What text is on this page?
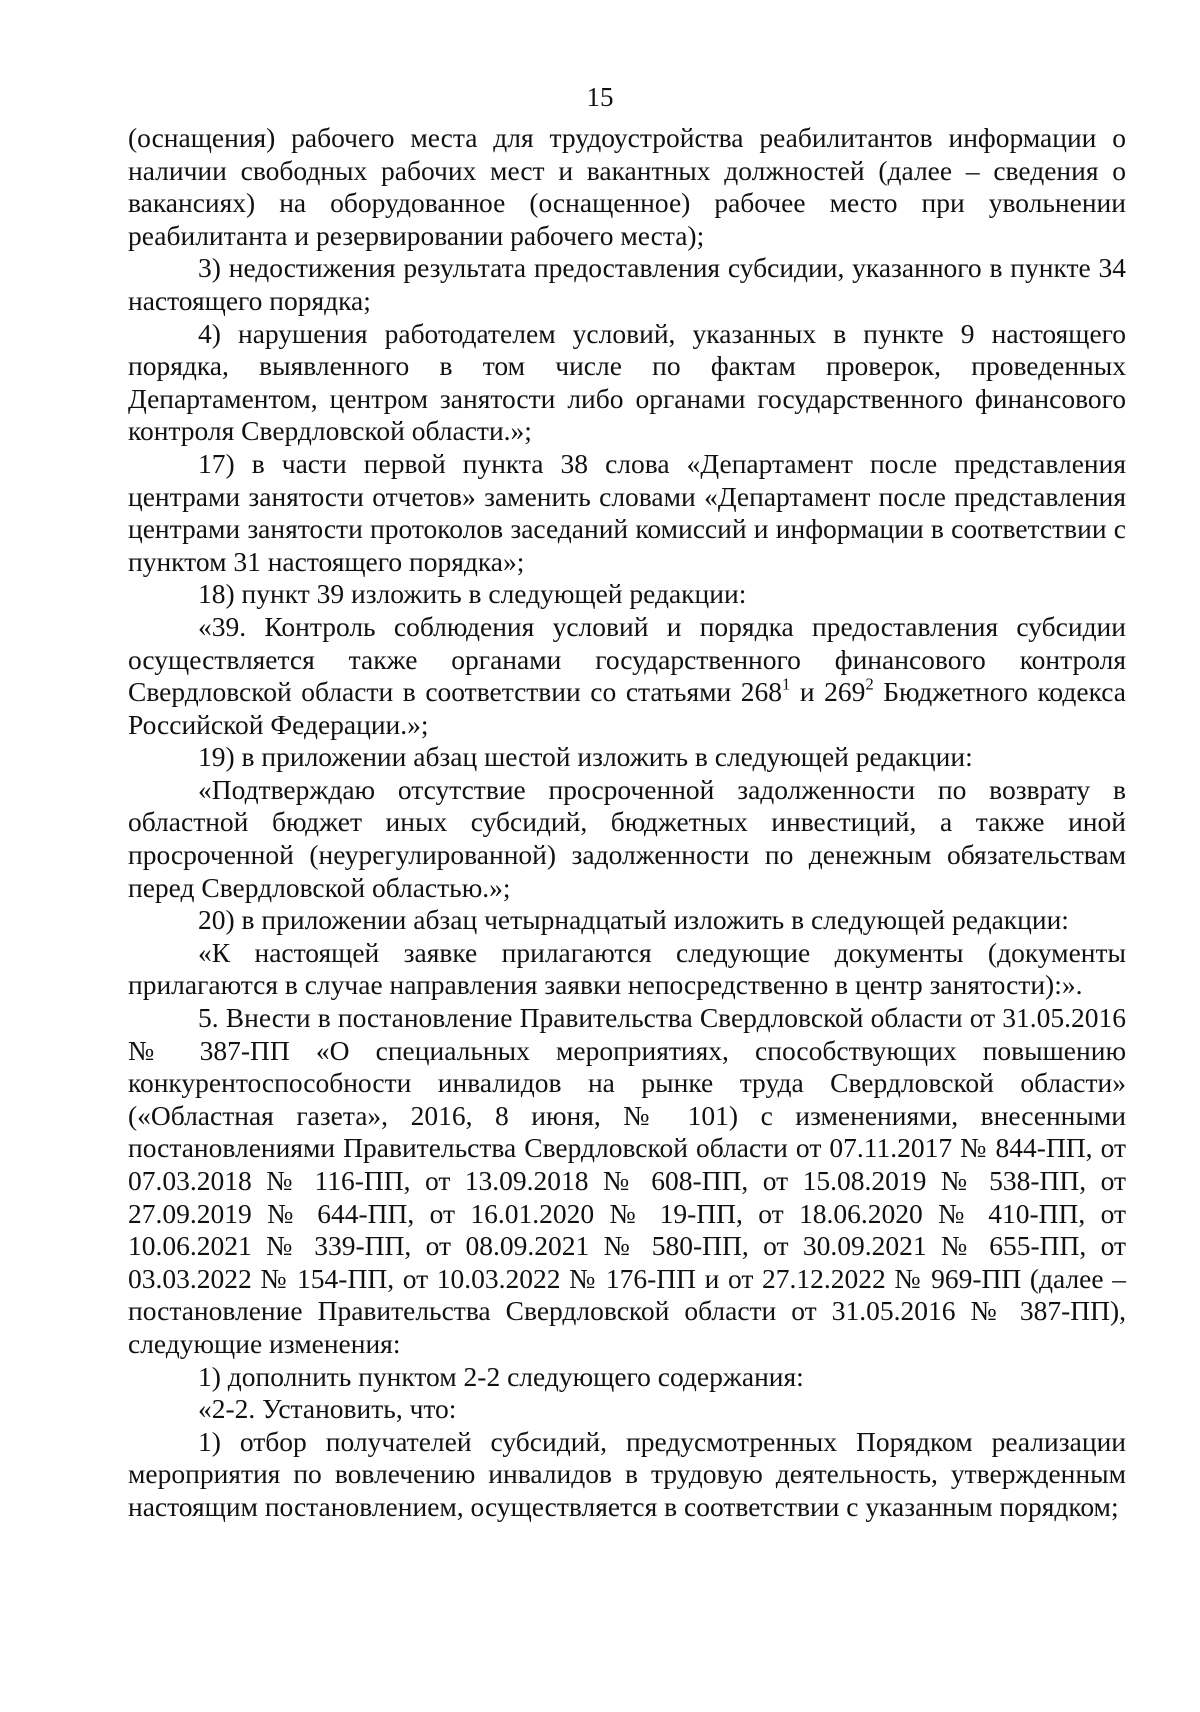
15

(оснащения) рабочего места для трудоустройства реабилитантов информации о наличии свободных рабочих мест и вакантных должностей (далее – сведения о вакансиях) на оборудованное (оснащенное) рабочее место при увольнении реабилитанта и резервировании рабочего места);

3) недостижения результата предоставления субсидии, указанного в пункте 34 настоящего порядка;

4) нарушения работодателем условий, указанных в пункте 9 настоящего порядка, выявленного в том числе по фактам проверок, проведенных Департаментом, центром занятости либо органами государственного финансового контроля Свердловской области.»;

17) в части первой пункта 38 слова «Департамент после представления центрами занятости отчетов» заменить словами «Департамент после представления центрами занятости протоколов заседаний комиссий и информации в соответствии с пунктом 31 настоящего порядка»;

18) пункт 39 изложить в следующей редакции:

«39. Контроль соблюдения условий и порядка предоставления субсидии осуществляется также органами государственного финансового контроля Свердловской области в соответствии со статьями $268^1$ и $269^2$ Бюджетного кодекса Российской Федерации.»;

19) в приложении абзац шестой изложить в следующей редакции:

«Подтверждаю отсутствие просроченной задолженности по возврату в областной бюджет иных субсидий, бюджетных инвестиций, а также иной просроченной (неурегулированной) задолженности по денежным обязательствам перед Свердловской областью.»;

20) в приложении абзац четырнадцатый изложить в следующей редакции:

«К настоящей заявке прилагаются следующие документы (документы прилагаются в случае направления заявки непосредственно в центр занятости):».

5. Внести в постановление Правительства Свердловской области от 31.05.2016 № 387-ПП «О специальных мероприятиях, способствующих повышению конкурентоспособности инвалидов на рынке труда Свердловской области» («Областная газета», 2016, 8 июня, № 101) с изменениями, внесенными постановлениями Правительства Свердловской области от 07.11.2017 № 844-ПП, от 07.03.2018 № 116-ПП, от 13.09.2018 № 608-ПП, от 15.08.2019 № 538-ПП, от 27.09.2019 № 644-ПП, от 16.01.2020 № 19-ПП, от 18.06.2020 № 410-ПП, от 10.06.2021 № 339-ПП, от 08.09.2021 № 580-ПП, от 30.09.2021 № 655-ПП, от 03.03.2022 № 154-ПП, от 10.03.2022 № 176-ПП и от 27.12.2022 № 969-ПП (далее – постановление Правительства Свердловской области от 31.05.2016 № 387-ПП), следующие изменения:

1) дополнить пунктом 2-2 следующего содержания:

«2-2. Установить, что:

1) отбор получателей субсидий, предусмотренных Порядком реализации мероприятия по вовлечению инвалидов в трудовую деятельность, утвержденным настоящим постановлением, осуществляется в соответствии с указанным порядком;
